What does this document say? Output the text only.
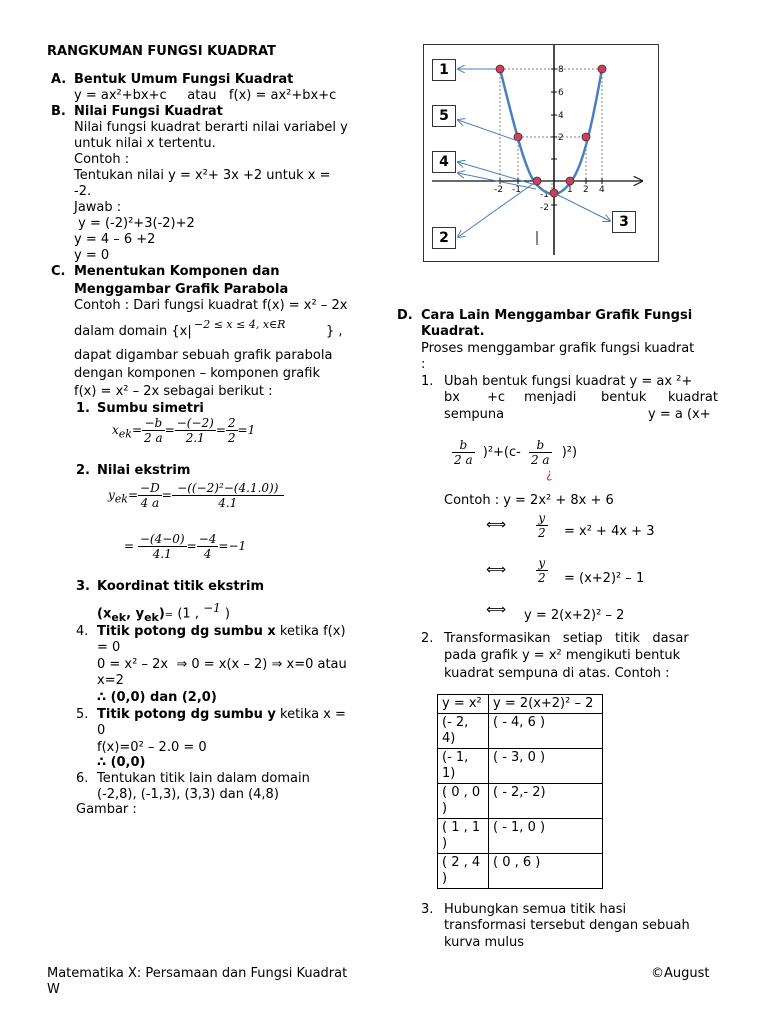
RANGKUMAN FUNGSI KUADRAT
A. Bentuk Umum Fungsi Kuadrat
y = ax²+bx+c     atau   f(x) = ax²+bx+c
B. Nilai Fungsi Kuadrat
Nilai fungsi kuadrat berarti nilai variabel y
untuk nilai x tertentu.
Contoh :
Tentukan nilai y = x²+ 3x +2 untuk x =
-2.
Jawab :
y = (-2)²+3(-2)+2
y = 4 – 6 +2
y = 0
C. Menentukan Komponen dan
Menggambar Grafik Parabola
Contoh : Dari fungsi kuadrat f(x) = x² – 2x
dalam domain {x| −2 ≤ x ≤ 4, x∈R	} ,
dapat digambar sebuah grafik parabola
dengan komponen – komponen grafik
f(x) = x² – 2x sebagai berikut :
1. Sumbu simetri
$x_{ek}= \frac{-b}{2 a} = \frac{-(-2)}{2.1} = \frac{2}{2} =1$
2. Nilai ekstrim
$y_{ek}= \frac{-D}{4 a} = \frac{\text{−((−2)²−(4.1.0))}}{4.1}$
= $\frac{-(4-0)}{4.1} = \frac{-4}{4} =-1$
3. Koordinat titik ekstrim
($x_{ek}$, $y_{ek})= (1$ , $^{-1}$ )
4. Titik potong dg sumbu x ketika f(x)
= 0
0 = x² – 2x  ⇒ 0 = x(x – 2) ⇒ x=0 atau
x=2
∴ (0,0) dan (2,0)
5. Titik potong dg sumbu y ketika x =
0
f(x)=0² – 2.0 = 0
∴ (0,0)
6. Tentukan titik lain dalam domain
(-2,8), (-1,3), (3,3) dan (4,8)
Gambar :
-2 -1	1 2 4
8
6
4
2
-1
-2
1
5
4
2
3
D. Cara Lain Menggambar Grafik Fungsi
Kuadrat.
Proses menggambar grafik fungsi kuadrat
:
1. Ubah bentuk fungsi kuadrat y = ax ²+
bx +c menjadi bentuk kuadrat
sempuna	y = a (x+
$\frac{b}{2 a} )^2+(c- \frac{b}{2 a} )^2$)
¿
Contoh : y = 2x² + 8x + 6
⟺ $\frac{y}{2} = x^2 + 4x + 3$
⟺ $\frac{y}{2} = (x+2)^2 - 1$
⟺ y = 2(x+2)² – 2
2. Transformasikan   setiap   titik   dasar
pada grafik y = x² mengikuti bentuk
kuadrat sempuna di atas. Contoh :
y = x²	y = 2(x+2)² – 2
(- 2, 4)	( - 4, 6 )
(- 1, 1)	( - 3, 0 )
( 0 , 0 )	( - 2,- 2)
( 1 , 1 )	( - 1, 0 )
( 2 , 4 )	( 0 , 6 )
3. Hubungkan semua titik hasi
transformasi tersebut dengan sebuah
kurva mulus
Matematika X: Persamaan dan Fungsi Kuadrat
W
©August
